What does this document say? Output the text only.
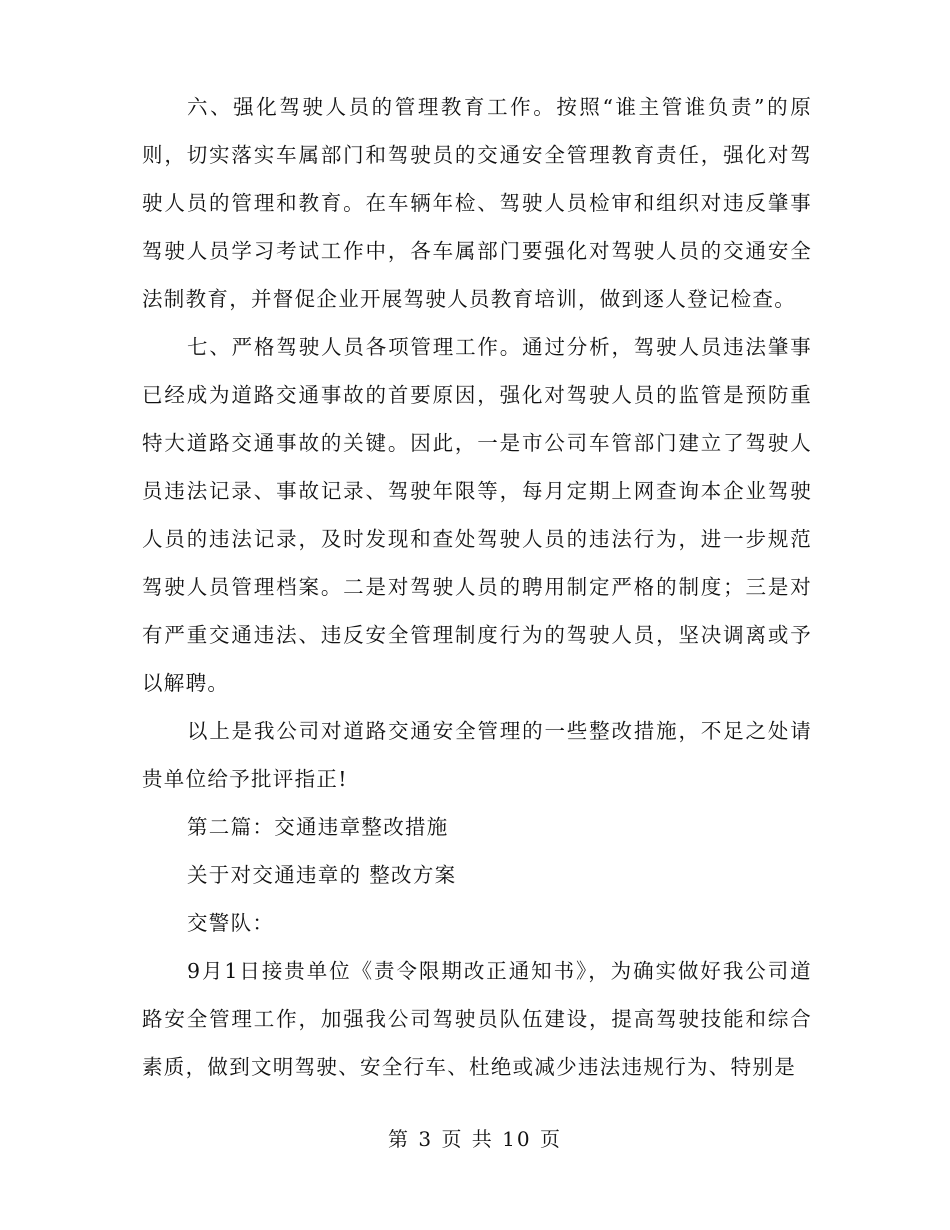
六、强化驾驶人员的管理教育工作。按照“谁主管谁负责”的原则，切实落实车属部门和驾驶员的交通安全管理教育责任，强化对驾驶人员的管理和教育。在车辆年检、驾驶人员检审和组织对违反肇事驾驶人员学习考试工作中，各车属部门要强化对驾驶人员的交通安全法制教育，并督促企业开展驾驶人员教育培训，做到逐人登记检查。

七、严格驾驶人员各项管理工作。通过分析，驾驶人员违法肇事已经成为道路交通事故的首要原因，强化对驾驶人员的监管是预防重特大道路交通事故的关键。因此，一是市公司车管部门建立了驾驶人员违法记录、事故记录、驾驶年限等，每月定期上网查询本企业驾驶人员的违法记录，及时发现和查处驾驶人员的违法行为，进一步规范驾驶人员管理档案。二是对驾驶人员的聘用制定严格的制度；三是对有严重交通违法、违反安全管理制度行为的驾驶人员，坚决调离或予以解聘。

以上是我公司对道路交通安全管理的一些整改措施，不足之处请贵单位给予批评指正!

第二篇：交通违章整改措施

关于对交通违章的 整改方案

交警队：

9月1日接贵单位《责令限期改正通知书》，为确实做好我公司道路安全管理工作，加强我公司驾驶员队伍建设，提高驾驶技能和综合素质，做到文明驾驶、安全行车、杜绝或减少违法违规行为、特别是

第 3 页 共 10 页
